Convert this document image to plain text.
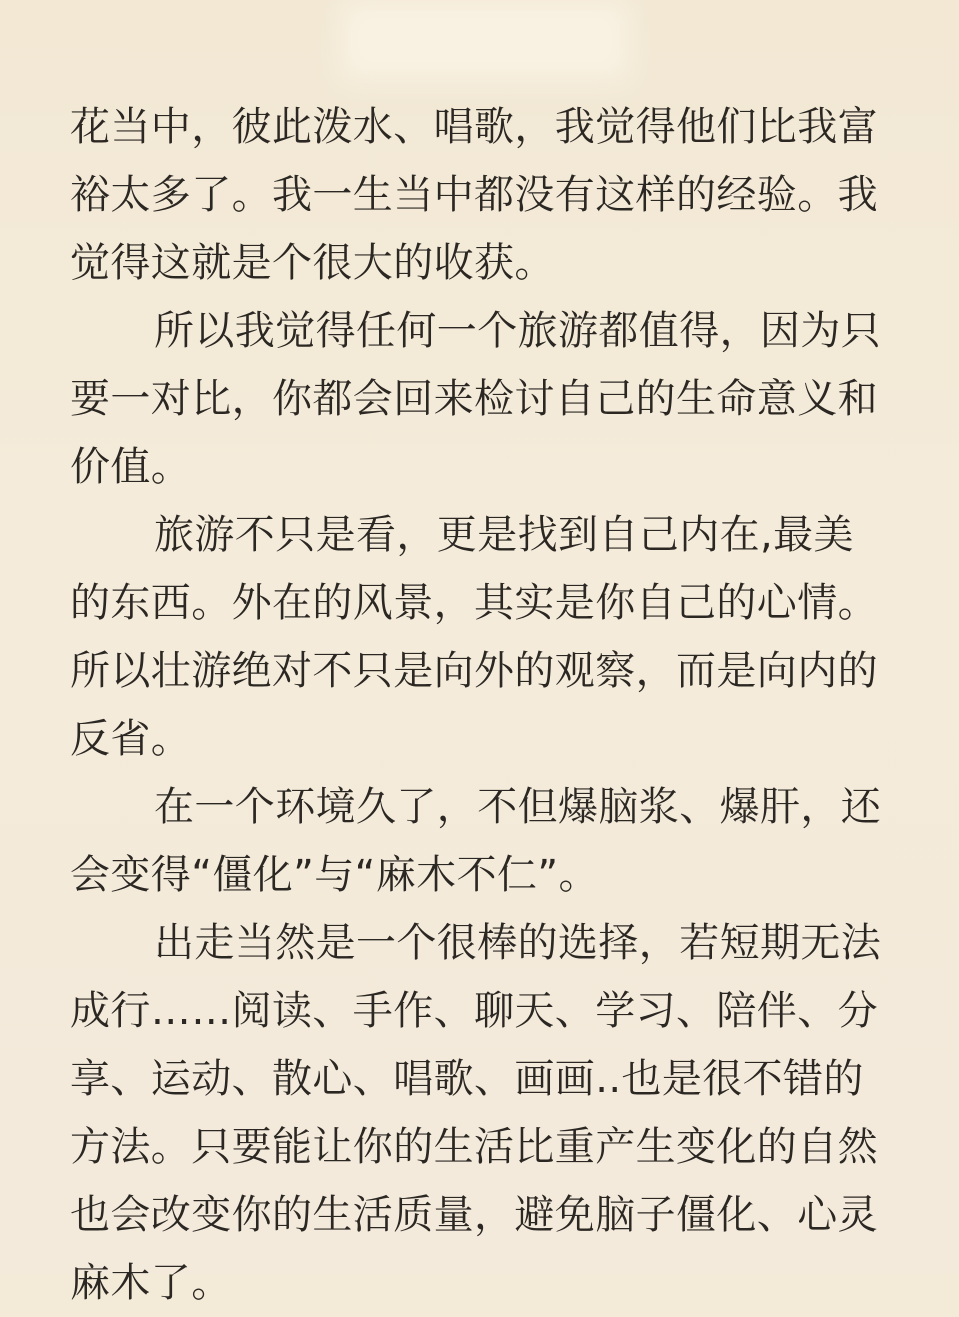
花当中，彼此泼水、唱歌，我觉得他们比我富
裕太多了。我一生当中都没有这样的经验。我
觉得这就是个很大的收获。
所以我觉得任何一个旅游都值得，因为只
要一对比，你都会回来检讨自己的生命意义和
价值。
旅游不只是看，更是找到自己内在,最美
的东西。外在的风景，其实是你自己的心情。
所以壮游绝对不只是向外的观察，而是向内的
反省。
在一个环境久了，不但爆脑浆、爆肝，还
会变得“僵化”与“麻木不仁”。
出走当然是一个很棒的选择，若短期无法
成行……阅读、手作、聊天、学习、陪伴、分
享、运动、散心、唱歌、画画..也是很不错的
方法。只要能让你的生活比重产生变化的自然
也会改变你的生活质量，避免脑子僵化、心灵
麻木了。
